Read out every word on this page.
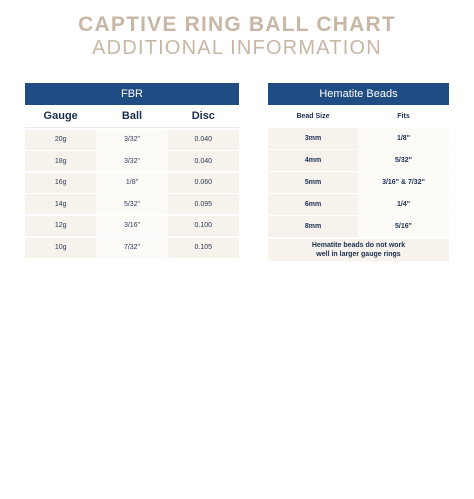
CAPTIVE RING BALL CHART
ADDITIONAL INFORMATION
FBR
Gauge	Ball	Disc
20g	3/32"	0.040
18g	3/32"	0.040
16g	1/8"	0.060
14g	5/32"	0.095
12g	3/16"	0.100
10g	7/32"	0.105
Hematite Beads
Bead Size	Fits
3mm	1/8"
4mm	5/32"
5mm	3/16" & 7/32"
6mm	1/4"
8mm	5/16"
Hematite beads do not work
well in larger gauge rings
